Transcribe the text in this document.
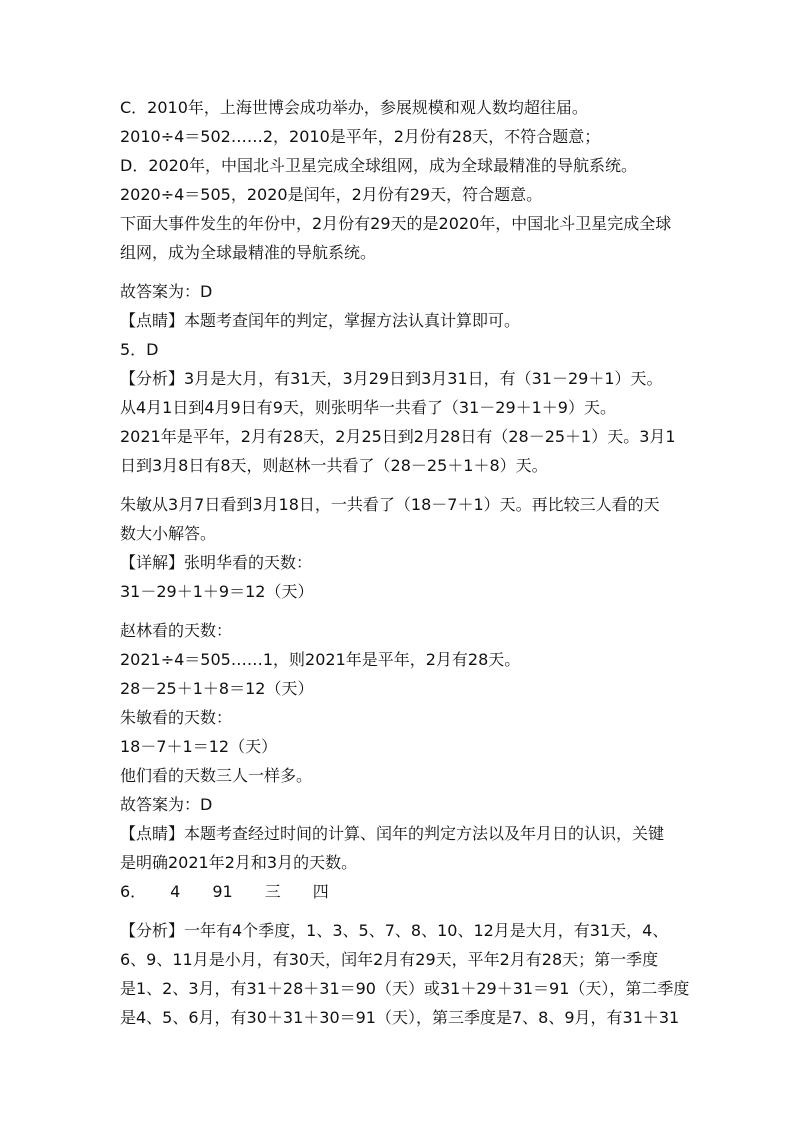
C．2010年，上海世博会成功举办，参展规模和观人数均超往届。
2010÷4＝502……2，2010是平年，2月份有28天，不符合题意；
D．2020年，中国北斗卫星完成全球组网，成为全球最精准的导航系统。
2020÷4＝505，2020是闰年，2月份有29天，符合题意。
下面大事件发生的年份中，2月份有29天的是2020年，中国北斗卫星完成全球
组网，成为全球最精准的导航系统。
故答案为：D
【点睛】本题考查闰年的判定，掌握方法认真计算即可。
5．D
【分析】3月是大月，有31天，3月29日到3月31日，有（31－29＋1）天。
从4月1日到4月9日有9天，则张明华一共看了（31－29＋1＋9）天。
2021年是平年，2月有28天，2月25日到2月28日有（28－25＋1）天。3月1
日到3月8日有8天，则赵林一共看了（28－25＋1＋8）天。
朱敏从3月7日看到3月18日，一共看了（18－7＋1）天。再比较三人看的天
数大小解答。
【详解】张明华看的天数：
31－29＋1＋9＝12（天）
赵林看的天数：
2021÷4＝505……1，则2021年是平年，2月有28天。
28－25＋1＋8＝12（天）
朱敏看的天数：
18－7＋1＝12（天）
他们看的天数三人一样多。
故答案为：D
【点睛】本题考查经过时间的计算、闰年的判定方法以及年月日的认识，关键
是明确2021年2月和3月的天数。
6．　　4　　91　　三　　四
【分析】一年有4个季度，1、3、5、7、8、10、12月是大月，有31天，4、
6、9、11月是小月，有30天，闰年2月有29天，平年2月有28天；第一季度
是1、2、3月，有31＋28＋31＝90（天）或31＋29＋31＝91（天），第二季度
是4、5、6月，有30＋31＋30＝91（天），第三季度是7、8、9月，有31＋31
